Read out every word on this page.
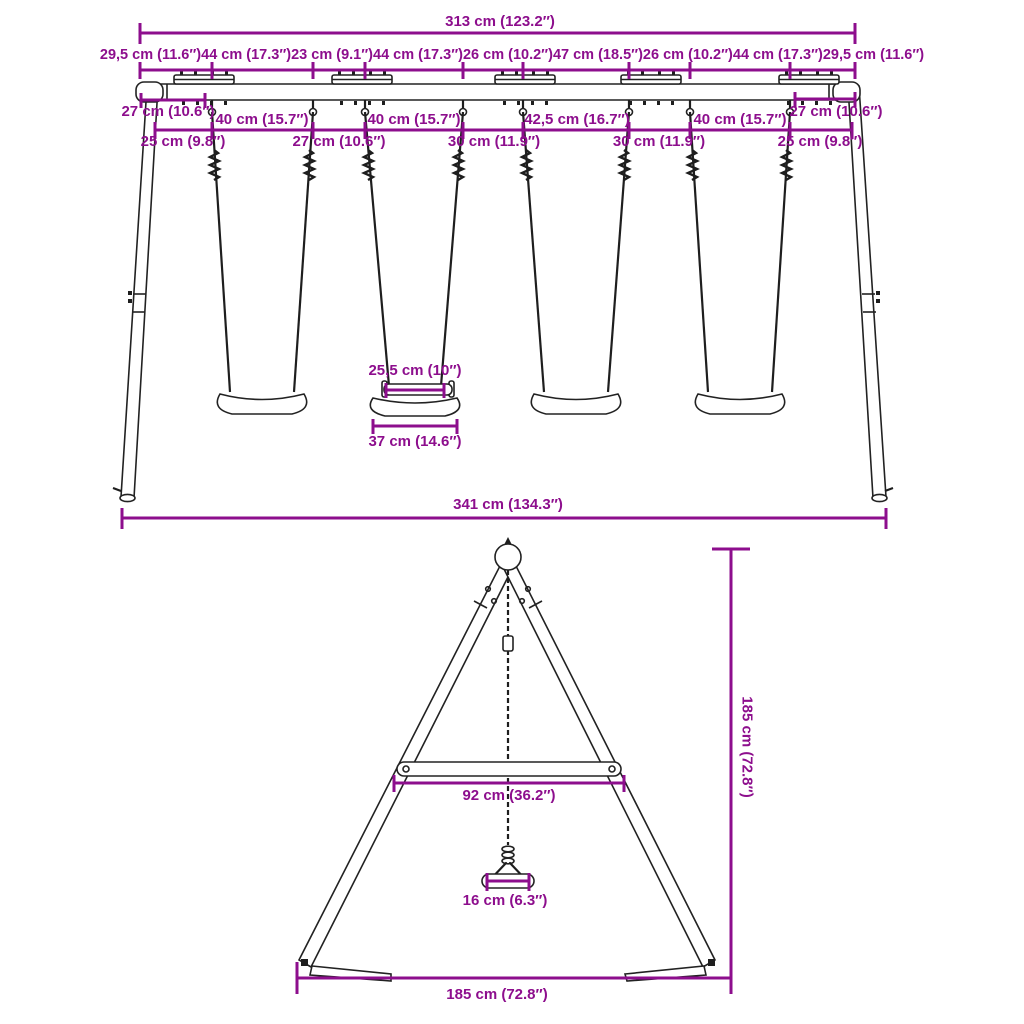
313 cm (123.2″)
29,5 cm (11.6″) 44 cm (17.3″) 23 cm (9.1″) 44 cm (17.3″) 26 cm (10.2″) 47 cm (18.5″) 26 cm (10.2″) 44 cm (17.3″) 29,5 cm (11.6″)
27 cm (10.6″)	27 cm (10.6″)
40 cm (15.7″)	40 cm (15.7″)	42,5 cm (16.7″)	40 cm (15.7″)
25 cm (9.8″)	27 cm (10.6″)	30 cm (11.9″)	30 cm (11.9″)	25 cm (9.8″)
25,5 cm (10″)
37 cm (14.6″)
341 cm (134.3″)
92 cm (36.2″)
16 cm (6.3″)
185 cm (72.8″)
185 cm (72.8″)
